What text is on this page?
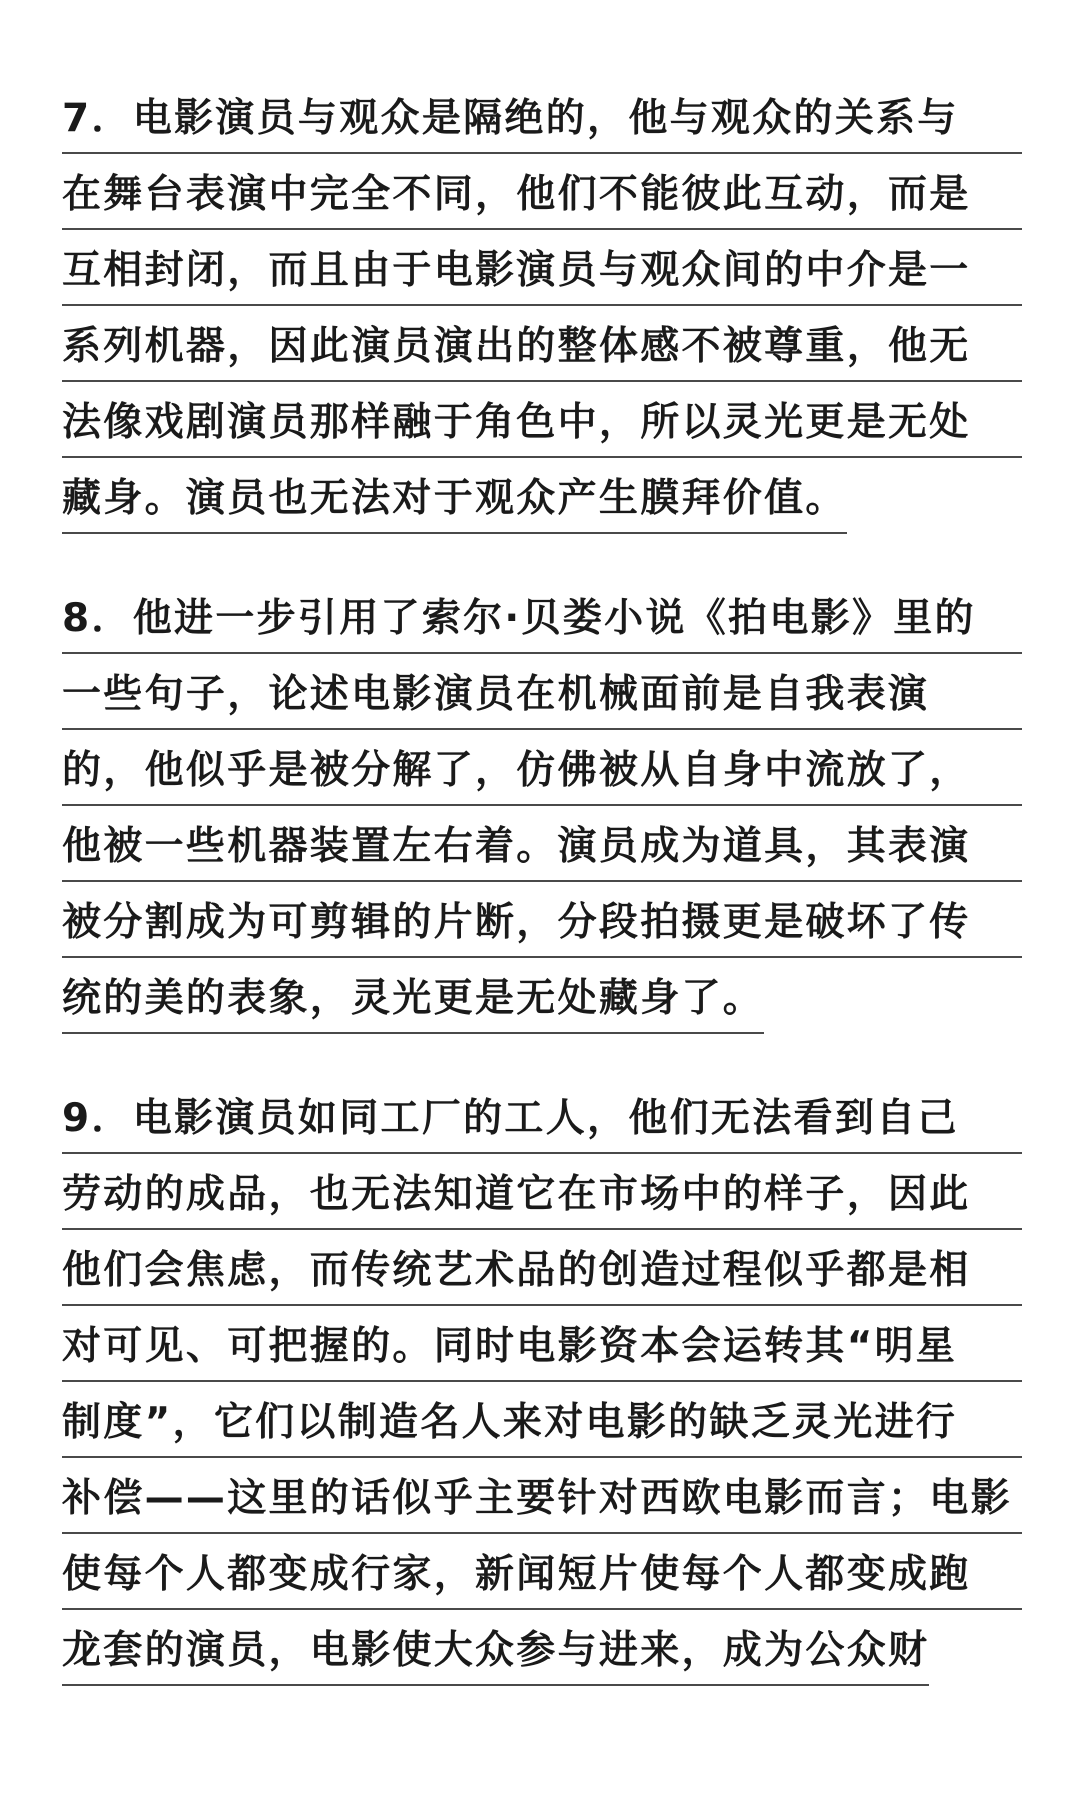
7．电影演员与观众是隔绝的，他与观众的关系与
在舞台表演中完全不同，他们不能彼此互动，而是
互相封闭，而且由于电影演员与观众间的中介是一
系列机器，因此演员演出的整体感不被尊重，他无
法像戏剧演员那样融于角色中，所以灵光更是无处
藏身。演员也无法对于观众产生膜拜价值。
8．他进一步引用了索尔·贝娄小说《拍电影》里的
一些句子，论述电影演员在机械面前是自我表演
的，他似乎是被分解了，仿佛被从自身中流放了，
他被一些机器装置左右着。演员成为道具，其表演
被分割成为可剪辑的片断，分段拍摄更是破坏了传
统的美的表象，灵光更是无处藏身了。
9．电影演员如同工厂的工人，他们无法看到自己
劳动的成品，也无法知道它在市场中的样子，因此
他们会焦虑，而传统艺术品的创造过程似乎都是相
对可见、可把握的。同时电影资本会运转其“明星
制度”，它们以制造名人来对电影的缺乏灵光进行
补偿——这里的话似乎主要针对西欧电影而言；电影
使每个人都变成行家，新闻短片使每个人都变成跑
龙套的演员，电影使大众参与进来，成为公众财
